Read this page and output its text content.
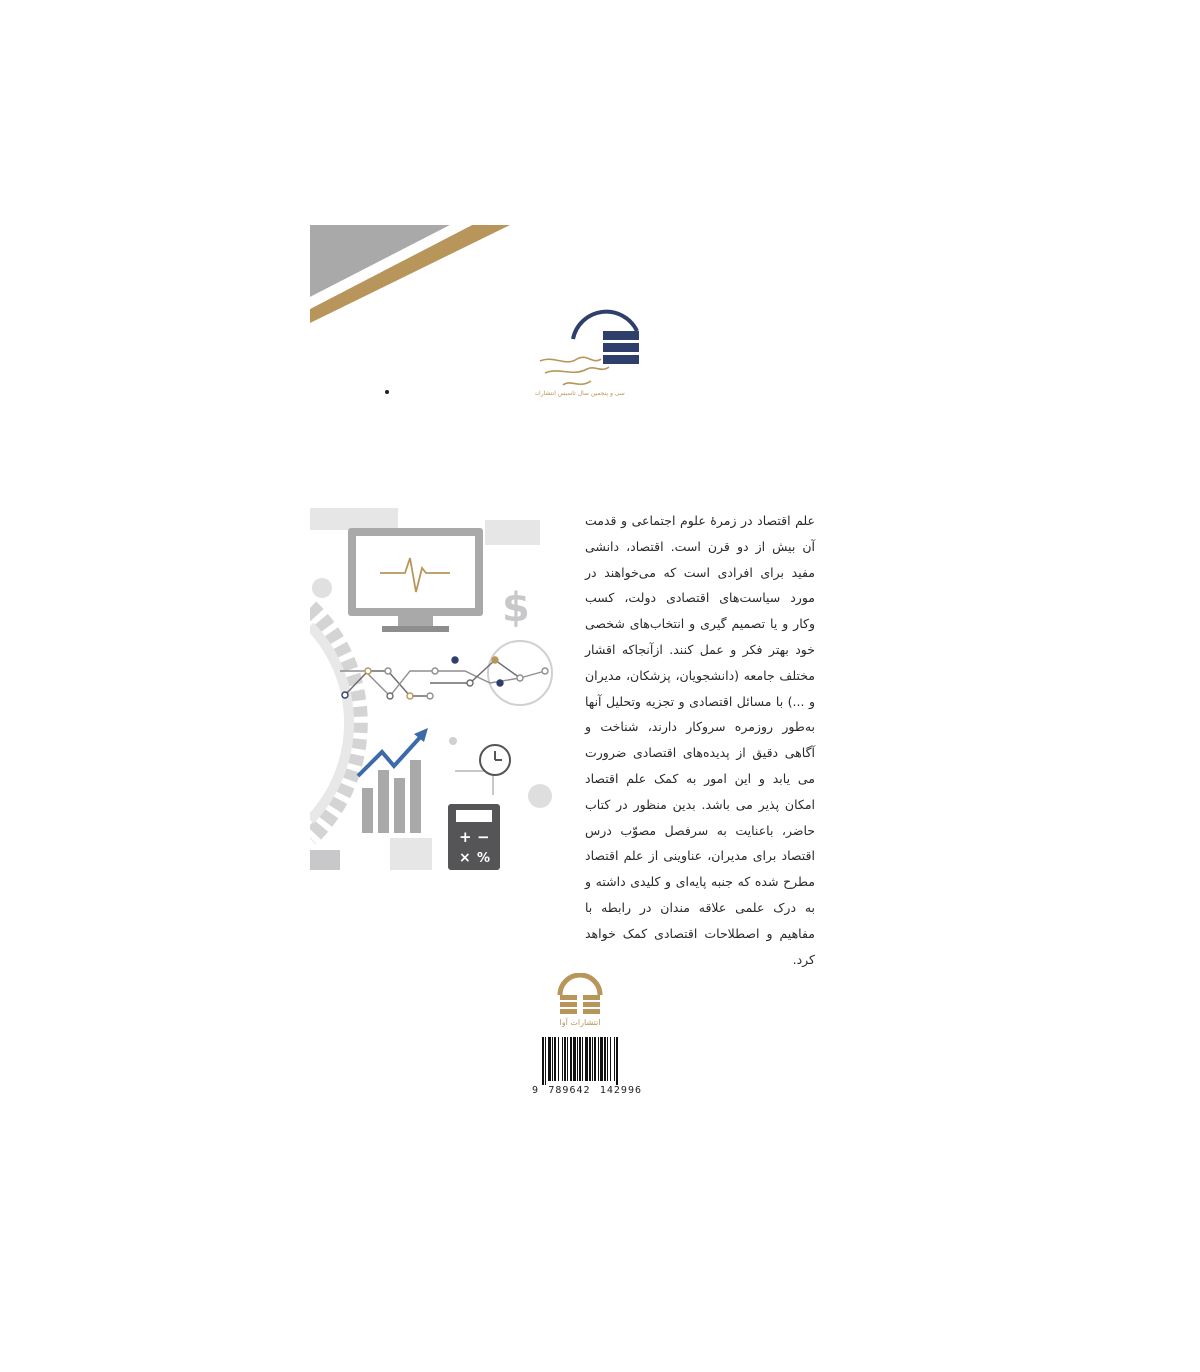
سی و پنجمین سال تاسیس انتشارات آوا
$
+ −
× %

علم اقتصاد در زمرهٔ علوم اجتماعی و قدمت آن بیش از دو قرن است. اقتصاد، دانشی مفید برای افرادی است که می‌خواهند در مورد سیاست‌های اقتصادی دولت، کسب وکار و یا تصمیم گیری و انتخاب‌های شخصی خود بهتر فکر و عمل کنند. ازآنجاکه اقشار مختلف جامعه (دانشجویان، پزشکان، مدیران و ...) با مسائل اقتصادی و تجزیه وتحلیل آنها به‌طور روزمره سروکار دارند، شناخت و آگاهی دقیق از پدیده‌های اقتصادی ضرورت می یابد و این امور به کمک علم اقتصاد امکان پذیر می باشد. بدین منظور در کتاب حاضر، باعنایت به سرفصل مصوّب درس اقتصاد برای مدیران، عناوینی از علم اقتصاد مطرح شده که جنبه پایه‌ای و کلیدی داشته و به درک علمی علاقه مندان در رابطه با مفاهیم و اصطلاحات اقتصادی کمک خواهد کرد.

انتشارات آوا
9 789642 142996
